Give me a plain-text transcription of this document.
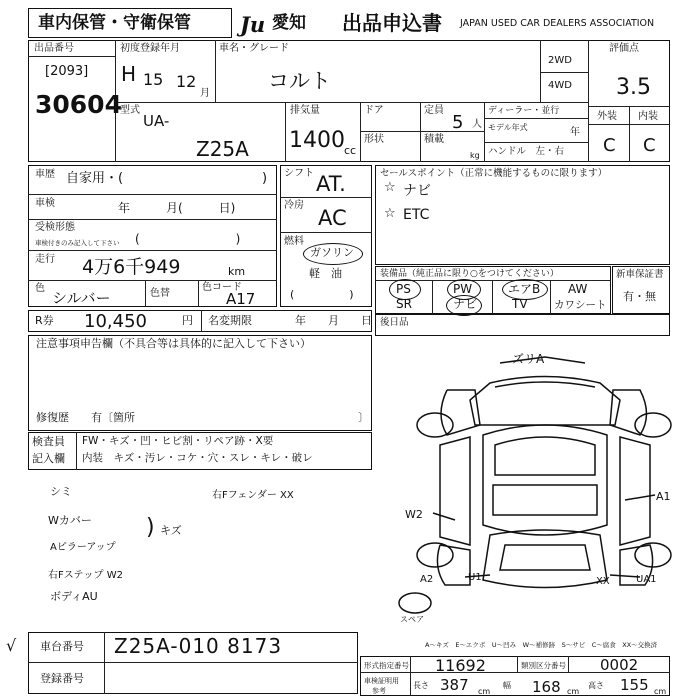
車内保管・守衛保管 Ju 愛知 出品申込書 JAPAN USED CAR DEALERS ASSOCIATION
出品番号
[2093]
30604
初度登録年月
H 15 12
月
車名・グレード
コルト
2WD
4WD
評価点
3.5
外装 内装
C C
型式
UA-
Z25A
排気量
1400 cc
ドア
形状
定員
5 人
積載
kg
ディーラー・並行
モデル年式	年
ハンドル　左・右
車歴 自家用・(	)
車検	年　　　月(　　　日)
受検形態
車検付きのみ記入して下さい (　　　　　　　　)
走行 4万6千949	km
色
シルバー	色替
色コード
A17
シフト AT.
冷房
AC
燃料
ガソリン
軽　油
(　　　　　)
セールスポイント（正常に機能するものに限ります）
☆ ナビ
☆ ETC
装備品（純正品に限り○をつけてください）
PS	PW	エアB AW
SR	ナビ	TV	カワシート
新車保証書
有・無
R券 10,450	円 名変期限	年　　月　　日 後日品
注意事項申告欄（不具合等は具体的に記入して下さい）
修復歴　　有〔箇所	〕
検査員
記入欄
FW・キズ・凹・ヒビ割・リペア跡・X要
内装　キズ・汚レ・コケ・穴・スレ・キレ・破レ
シミ	右Fフェンダー XX
Wカバー
Aピラーアップ
キズ
右Fステップ W2
ボディAU
)
ズリA
W2
A1
A2	U1	XX	UA1
スペア
A～キズ　E～エクボ　U～凹み　W～補修跡　S～サビ　C～腐食　XX～交換済
車台番号 Z25A-010 8173
登録番号
√
形式指定番号 11692	類別区分番号 0002
車検証明用
参考
長さ 387 cm
幅 168 cm
高さ 155 cm
